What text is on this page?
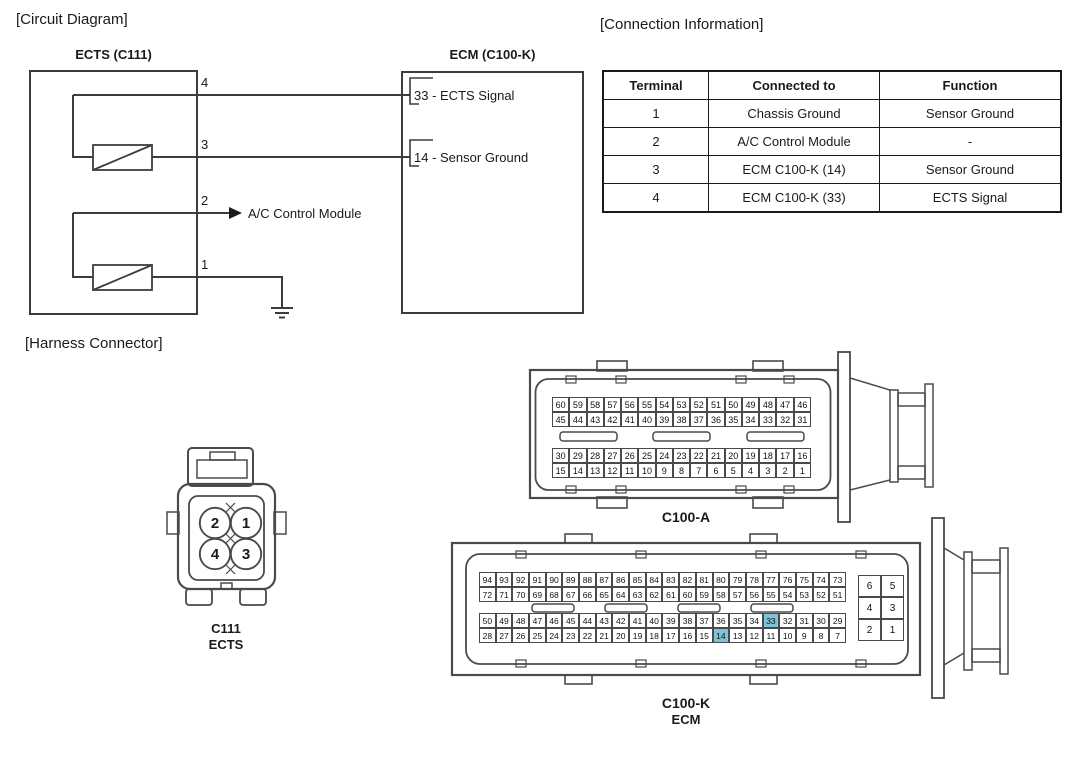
[Circuit Diagram]
ECTS (C111)	ECM (C100-K)
4
3
2
1
33 - ECTS Signal
14 - Sensor Ground
A/C Control Module
[Connection Information]
Terminal	Connected to	Function
1	Chassis Ground	Sensor Ground
2	A/C Control Module	-
3	ECM C100-K (14)	Sensor Ground
4	ECM C100-K (33)	ECTS Signal
[Harness Connector]
2 1
4 3
C111
ECTS
60 59 58 57 56 55 54 53 52 51 50 49 48 47 46
45 44 43 42 41 40 39 38 37 36 35 34 33 32 31
30 29 28 27 26 25 24 23 22 21 20 19 18 17 16
15 14 13 12 11 10	9	8	7	6	5	4	3	2	1
C100-A
94 93 92 91 90 89 88 87 86 85 84 83 82 81 80 79 78 77 76 75 74 73
72 71 70 69 68 67 66 65 64 63 62 61 60 59 58 57 56 55 54 53 52 51
50 49 48 47 46 45 44 43 42 41 40 39 38 37 36 35 34 33 32 31 30 29
28 27 26 25 24 23 22 21 20 19 18 17 16 15 14 13 12 11 10	9	8	7
6	5
4	3
2	1
C100-K
ECM
